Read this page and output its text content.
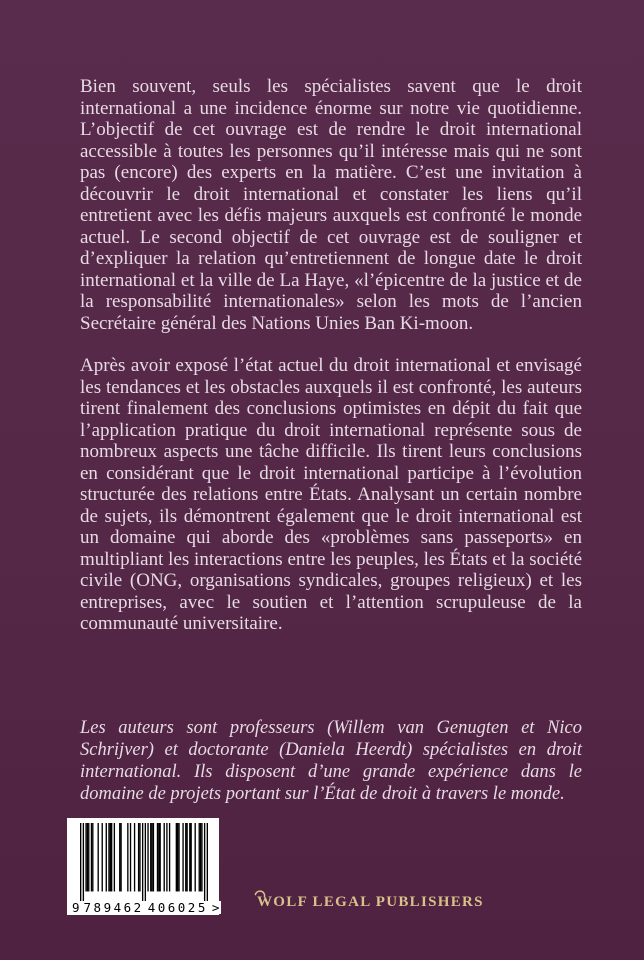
Bien souvent, seuls les spécialistes savent que le droit international a une incidence énorme sur notre vie quotidienne. L’objectif de cet ouvrage est de rendre le droit international accessible à toutes les personnes qu’il intéresse mais qui ne sont pas (encore) des experts en la matière. C’est une invitation à découvrir le droit international et constater les liens qu’il entretient avec les défis majeurs auxquels est confronté le monde actuel. Le second objectif de cet ouvrage est de souligner et d’expliquer la relation qu’entretiennent de longue date le droit international et la ville de La Haye, «l’épicentre de la justice et de la responsabilité internationales» selon les mots de l’ancien Secrétaire général des Nations Unies Ban Ki-moon.

Après avoir exposé l’état actuel du droit international et envisagé les tendances et les obstacles auxquels il est confronté, les auteurs tirent finalement des conclusions optimistes en dépit du fait que l’application pratique du droit international représente sous de nombreux aspects une tâche difficile. Ils tirent leurs conclusions en considérant que le droit international participe à l’évolution structurée des relations entre États. Analysant un certain nombre de sujets, ils démontrent également que le droit international est un domaine qui aborde des «problèmes sans passeports» en multipliant les interactions entre les peuples, les États et la société civile (ONG, organisations syndicales, groupes religieux) et les entreprises, avec le soutien et l’attention scrupuleuse de la communauté universitaire.

Les auteurs sont professeurs (Willem van Genugten et Nico Schrijver) et doctorante (Daniela Heerdt) spécialistes en droit international. Ils disposent d’une grande expérience dans le domaine de projets portant sur l’État de droit à travers le monde.

9 789462 406025 >	WOLF LEGAL PUBLISHERS
